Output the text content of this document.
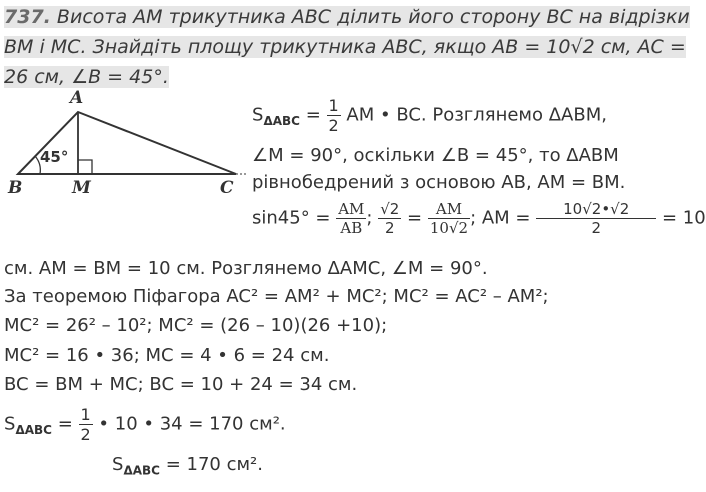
737. Висота AM трикутника ABC ділить його сторону BC на відрізки
BM і MC. Знайдіть площу трикутника ABC, якщо AB = 10√2 см, AC =
26 см, ∠B = 45°.
A
B	M	C
45°
$S_{\Delta ABC} = \frac{1}{2}$ AM • BC. Розглянемо ΔABM,
∠M = 90°, оскільки ∠B = 45°, то ΔABM
рівнобедрений з основою AB, AM = BM.
$\sin 45^\circ = \frac{AM}{AB}$ ; $\frac{√2}{2} = \frac{AM}{10√2}$ ; AM = $\frac{10√2•√2}{2} = 10$
см. AM = BM = 10 см. Розглянемо ΔAMC, ∠M = 90°.
За теоремою Піфагора AC² = AM² + MC²; MC² = AC² – AM²;
MC² = 26² – 10²; MC² = (26 – 10)(26 +10);
MC² = 16 • 36; MC = 4 • 6 = 24 см.
BC = BM + MC; BC = 10 + 24 = 34 см.
$S_{\Delta ABC} = \frac{1}{2}$ • 10 • 34 = 170 см².
$S_{\Delta ABC} = 170$ см².
